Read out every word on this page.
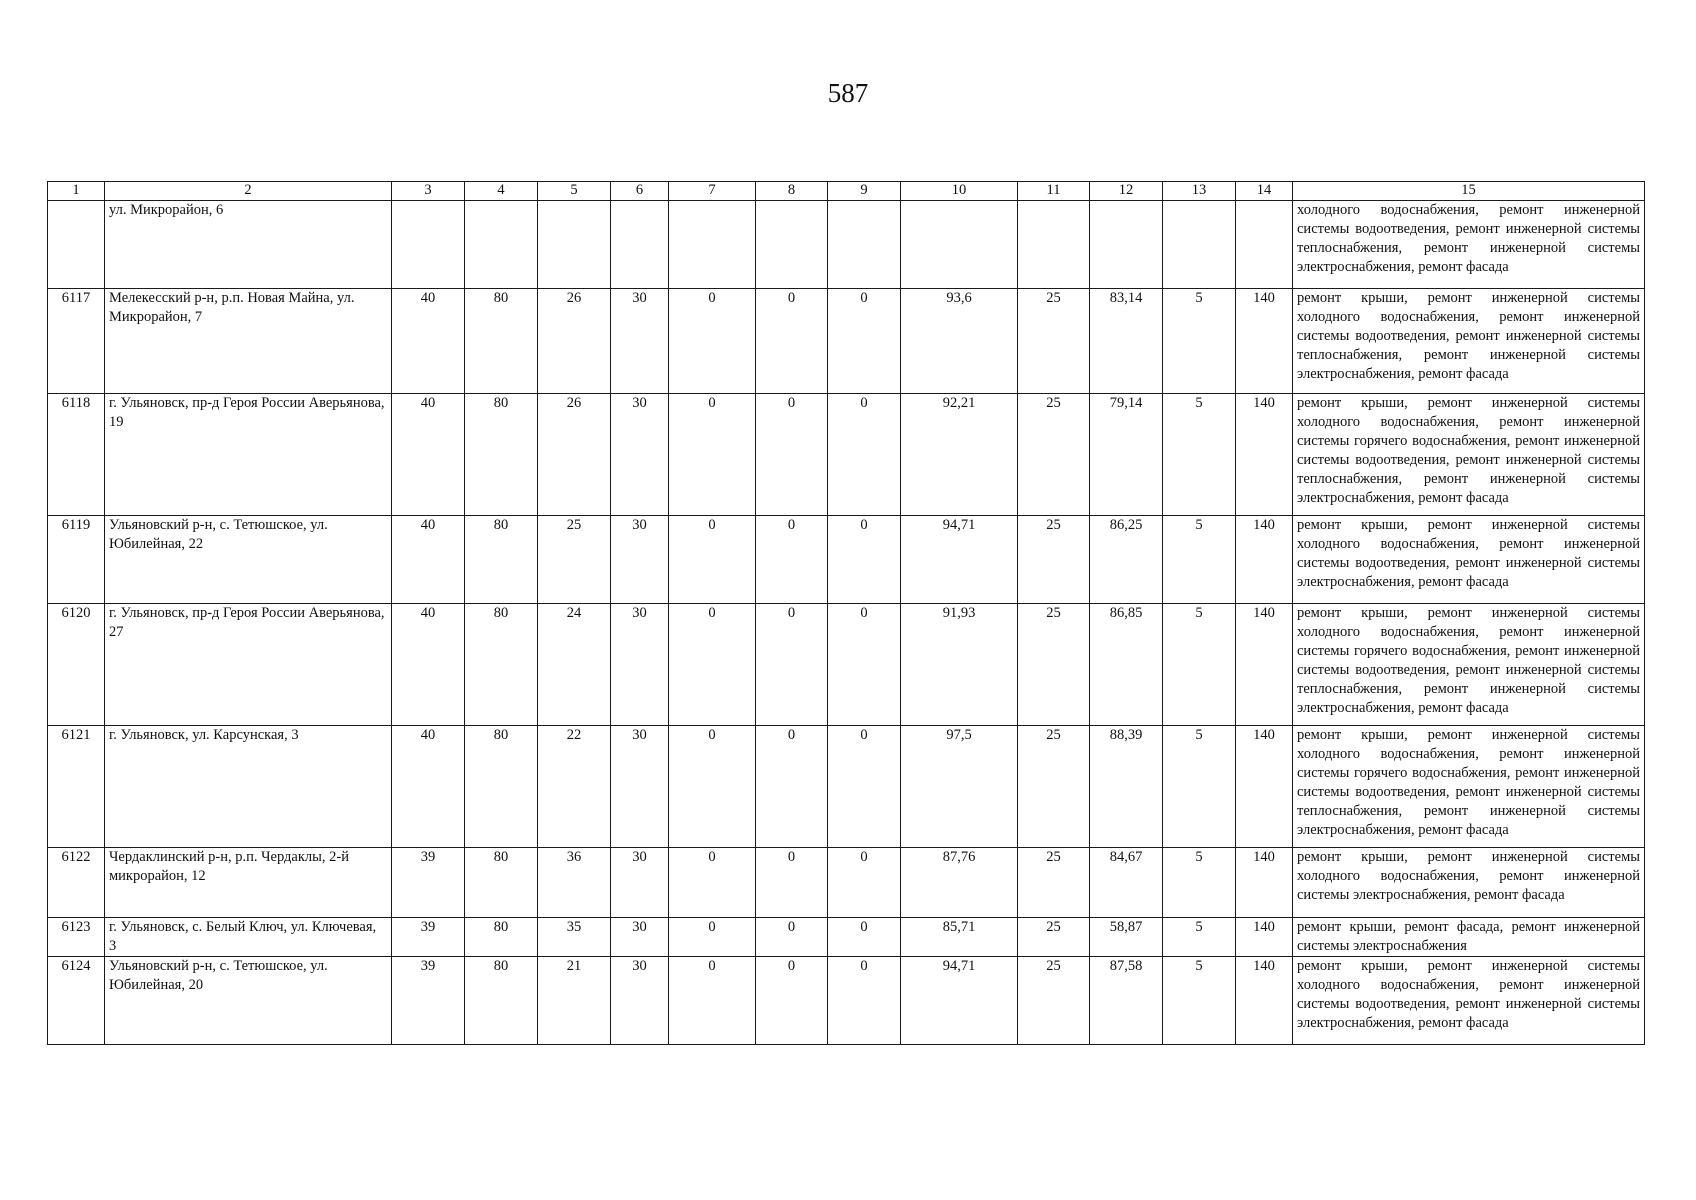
587
1	2	3	4	5	6	7	8	9	10	11	12	13	14	15
	ул. Микрорайон, 6													холодного водоснабжения, ремонт инженерной системы водоотведения, ремонт инженерной системы теплоснабжения, ремонт инженерной системы электроснабжения, ремонт фасада
6117	Мелекесский р-н, р.п. Новая Майна, ул. Микрорайон, 7	40	80	26	30	0	0	0	93,6	25	83,14	5	140	ремонт крыши, ремонт инженерной системы холодного водоснабжения, ремонт инженерной системы водоотведения, ремонт инженерной системы теплоснабжения, ремонт инженерной системы электроснабжения, ремонт фасада
6118	г. Ульяновск, пр-д Героя России Аверьянова, 19	40	80	26	30	0	0	0	92,21	25	79,14	5	140	ремонт крыши, ремонт инженерной системы холодного водоснабжения, ремонт инженерной системы горячего водоснабжения, ремонт инженерной системы водоотведения, ремонт инженерной системы теплоснабжения, ремонт инженерной системы электроснабжения, ремонт фасада
6119	Ульяновский р-н, с. Тетюшское, ул. Юбилейная, 22	40	80	25	30	0	0	0	94,71	25	86,25	5	140	ремонт крыши, ремонт инженерной системы холодного водоснабжения, ремонт инженерной системы водоотведения, ремонт инженерной системы электроснабжения, ремонт фасада
6120	г. Ульяновск, пр-д Героя России Аверьянова, 27	40	80	24	30	0	0	0	91,93	25	86,85	5	140	ремонт крыши, ремонт инженерной системы холодного водоснабжения, ремонт инженерной системы горячего водоснабжения, ремонт инженерной системы водоотведения, ремонт инженерной системы теплоснабжения, ремонт инженерной системы электроснабжения, ремонт фасада
6121	г. Ульяновск, ул. Карсунская, 3	40	80	22	30	0	0	0	97,5	25	88,39	5	140	ремонт крыши, ремонт инженерной системы холодного водоснабжения, ремонт инженерной системы горячего водоснабжения, ремонт инженерной системы водоотведения, ремонт инженерной системы теплоснабжения, ремонт инженерной системы электроснабжения, ремонт фасада
6122	Чердаклинский р-н, р.п. Чердаклы, 2-й микрорайон, 12	39	80	36	30	0	0	0	87,76	25	84,67	5	140	ремонт крыши, ремонт инженерной системы холодного водоснабжения, ремонт инженерной системы электроснабжения, ремонт фасада
6123	г. Ульяновск, с. Белый Ключ, ул. Ключевая, 3	39	80	35	30	0	0	0	85,71	25	58,87	5	140	ремонт крыши, ремонт фасада, ремонт инженерной системы электроснабжения
6124	Ульяновский р-н, с. Тетюшское, ул. Юбилейная, 20	39	80	21	30	0	0	0	94,71	25	87,58	5	140	ремонт крыши, ремонт инженерной системы холодного водоснабжения, ремонт инженерной системы водоотведения, ремонт инженерной системы электроснабжения, ремонт фасада
